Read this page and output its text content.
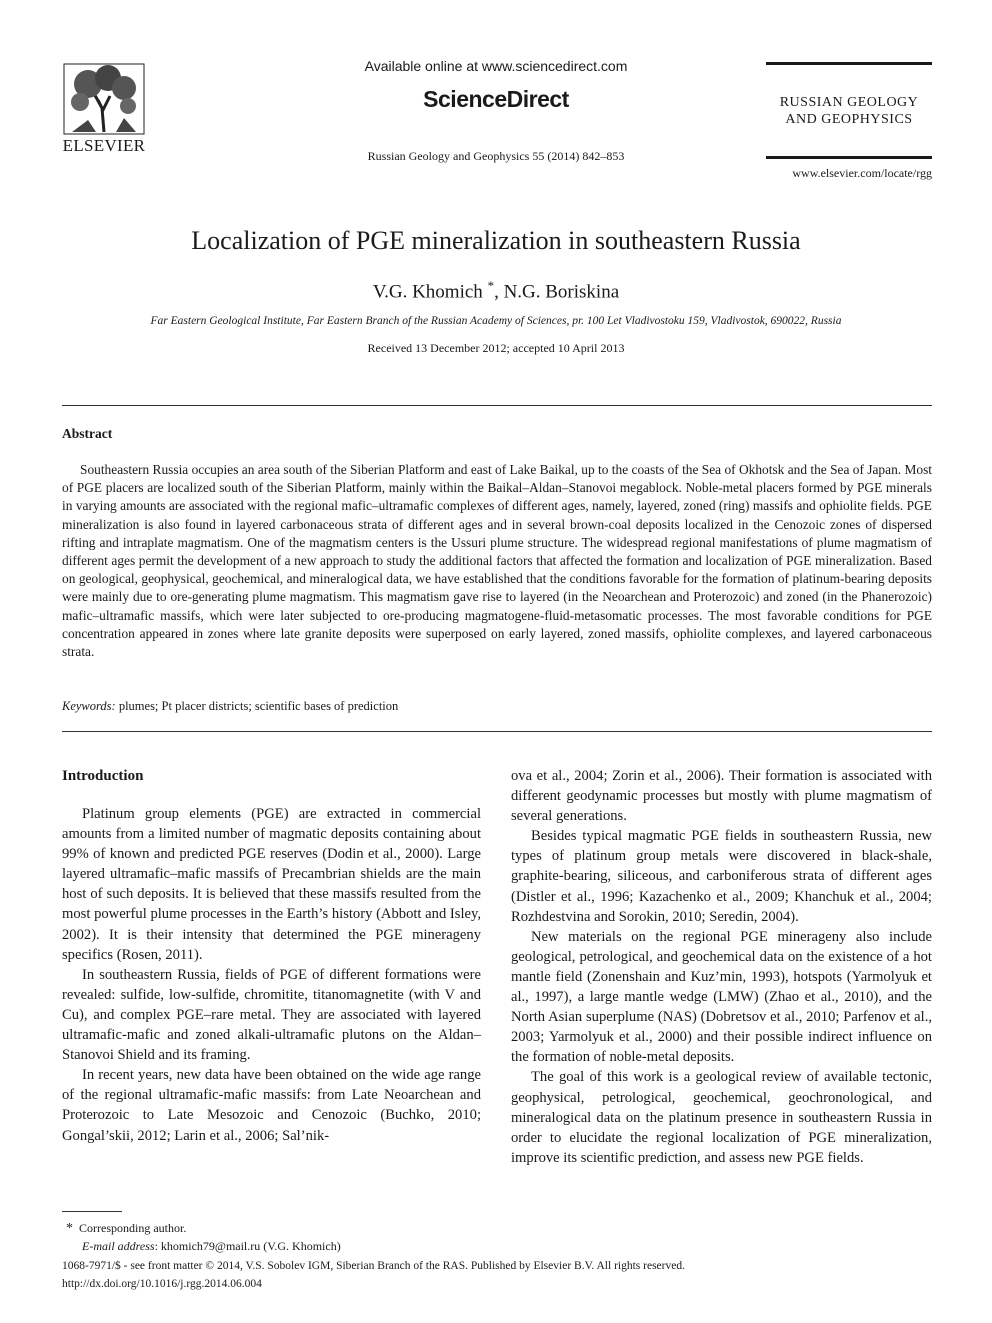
ELSEVIER
Available online at www.sciencedirect.com
ScienceDirect
Russian Geology and Geophysics 55 (2014) 842–853
RUSSIAN GEOLOGY
AND GEOPHYSICS
www.elsevier.com/locate/rgg
Localization of PGE mineralization in southeastern Russia
V.G. Khomich *, N.G. Boriskina
Far Eastern Geological Institute, Far Eastern Branch of the Russian Academy of Sciences, pr. 100 Let Vladivostoku 159, Vladivostok, 690022, Russia
Received 13 December 2012; accepted 10 April 2013
Abstract

Southeastern Russia occupies an area south of the Siberian Platform and east of Lake Baikal, up to the coasts of the Sea of Okhotsk and the Sea of Japan. Most of PGE placers are localized south of the Siberian Platform, mainly within the Baikal–Aldan–Stanovoi megablock. Noble-metal placers formed by PGE minerals in varying amounts are associated with the regional mafic–ultramafic complexes of different ages, namely, layered, zoned (ring) massifs and ophiolite fields. PGE mineralization is also found in layered carbonaceous strata of different ages and in several brown-coal deposits localized in the Cenozoic zones of dispersed rifting and intraplate magmatism. One of the magmatism centers is the Ussuri plume structure. The widespread regional manifestations of plume magmatism of different ages permit the development of a new approach to study the additional factors that affected the formation and localization of PGE mineralization. Based on geological, geophysical, geochemical, and mineralogical data, we have established that the conditions favorable for the formation of platinum-bearing deposits were mainly due to ore-generating plume magmatism. This magmatism gave rise to layered (in the Neoarchean and Proterozoic) and zoned (in the Phanerozoic) mafic–ultramafic massifs, which were later subjected to ore-producing magmatogene-fluid-metasomatic processes. The most favorable conditions for PGE concentration appeared in zones where late granite deposits were superposed on early layered, zoned massifs, ophiolite complexes, and layered carbonaceous strata.

Keywords: plumes; Pt placer districts; scientific bases of prediction
Introduction

Platinum group elements (PGE) are extracted in commercial amounts from a limited number of magmatic deposits containing about 99% of known and predicted PGE reserves (Dodin et al., 2000). Large layered ultramafic–mafic massifs of Precambrian shields are the main host of such deposits. It is believed that these massifs resulted from the most powerful plume processes in the Earth’s history (Abbott and Isley, 2002). It is their intensity that determined the PGE minerageny specifics (Rosen, 2011).

In southeastern Russia, fields of PGE of different formations were revealed: sulfide, low-sulfide, chromitite, titanomagnetite (with V and Cu), and complex PGE–rare metal. They are associated with layered ultramafic-mafic and zoned alkali-ultramafic plutons on the Aldan–Stanovoi Shield and its framing.

In recent years, new data have been obtained on the wide age range of the regional ultramafic-mafic massifs: from Late Neoarchean and Proterozoic to Late Mesozoic and Cenozoic (Buchko, 2010; Gongal’skii, 2012; Larin et al., 2006; Sal’nik-

ova et al., 2004; Zorin et al., 2006). Their formation is associated with different geodynamic processes but mostly with plume magmatism of several generations.

Besides typical magmatic PGE fields in southeastern Russia, new types of platinum group metals were discovered in black-shale, graphite-bearing, siliceous, and carboniferous strata of different ages (Distler et al., 1996; Kazachenko et al., 2009; Khanchuk et al., 2004; Rozhdestvina and Sorokin, 2010; Seredin, 2004).

New materials on the regional PGE minerageny also include geological, petrological, and geochemical data on the existence of a hot mantle field (Zonenshain and Kuz’min, 1993), hotspots (Yarmolyuk et al., 1997), a large mantle wedge (LMW) (Zhao et al., 2010), and the North Asian superplume (NAS) (Dobretsov et al., 2010; Parfenov et al., 2003; Yarmolyuk et al., 2000) and their possible indirect influence on the formation of noble-metal deposits.

The goal of this work is a geological review of available tectonic, geophysical, petrological, geochemical, geochronological, and mineralogical data on the platinum presence in southeastern Russia in order to elucidate the regional localization of PGE mineralization, improve its scientific prediction, and assess new PGE fields.

* Corresponding author.
E-mail address: khomich79@mail.ru (V.G. Khomich)
1068-7971/$ - see front matter © 2014, V.S. Sobolev IGM, Siberian Branch of the RAS. Published by Elsevier B.V. All rights reserved.
http://dx.doi.org/10.1016/j.rgg.2014.06.004
